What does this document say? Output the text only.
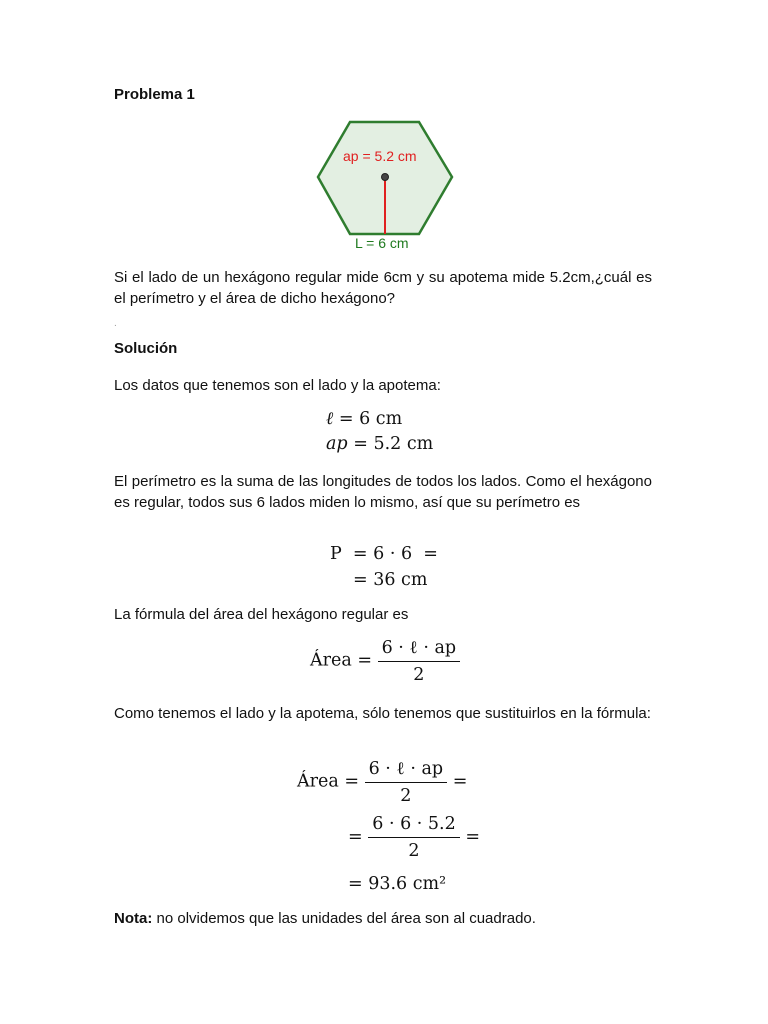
Problema 1
ap = 5.2 cm
L = 6 cm
Si el lado de un hexágono regular mide 6cm y su apotema mide 5.2cm,¿cuál es el perímetro y el área de dicho hexágono?
.
Solución
Los datos que tenemos son el lado y la apotema:
ℓ = 6 cm
ap = 5.2 cm
El perímetro es la suma de las longitudes de todos los lados. Como el hexágono es regular, todos sus 6 lados miden lo mismo, así que su perímetro es
P  = 6 · 6  =
= 36 cm
La fórmula del área del hexágono regular es
Área = $\frac{\text{6 · ℓ · ap}}{2}$
Como tenemos el lado y la apotema, sólo tenemos que sustituirlos en la fórmula:
Área = $\frac{\text{6 · ℓ · ap}}{2}$ =
= $\frac{6 \cdot 6 \cdot 5.2}{2}$ =
= 93.6 cm²
Nota: no olvidemos que las unidades del área son al cuadrado.
